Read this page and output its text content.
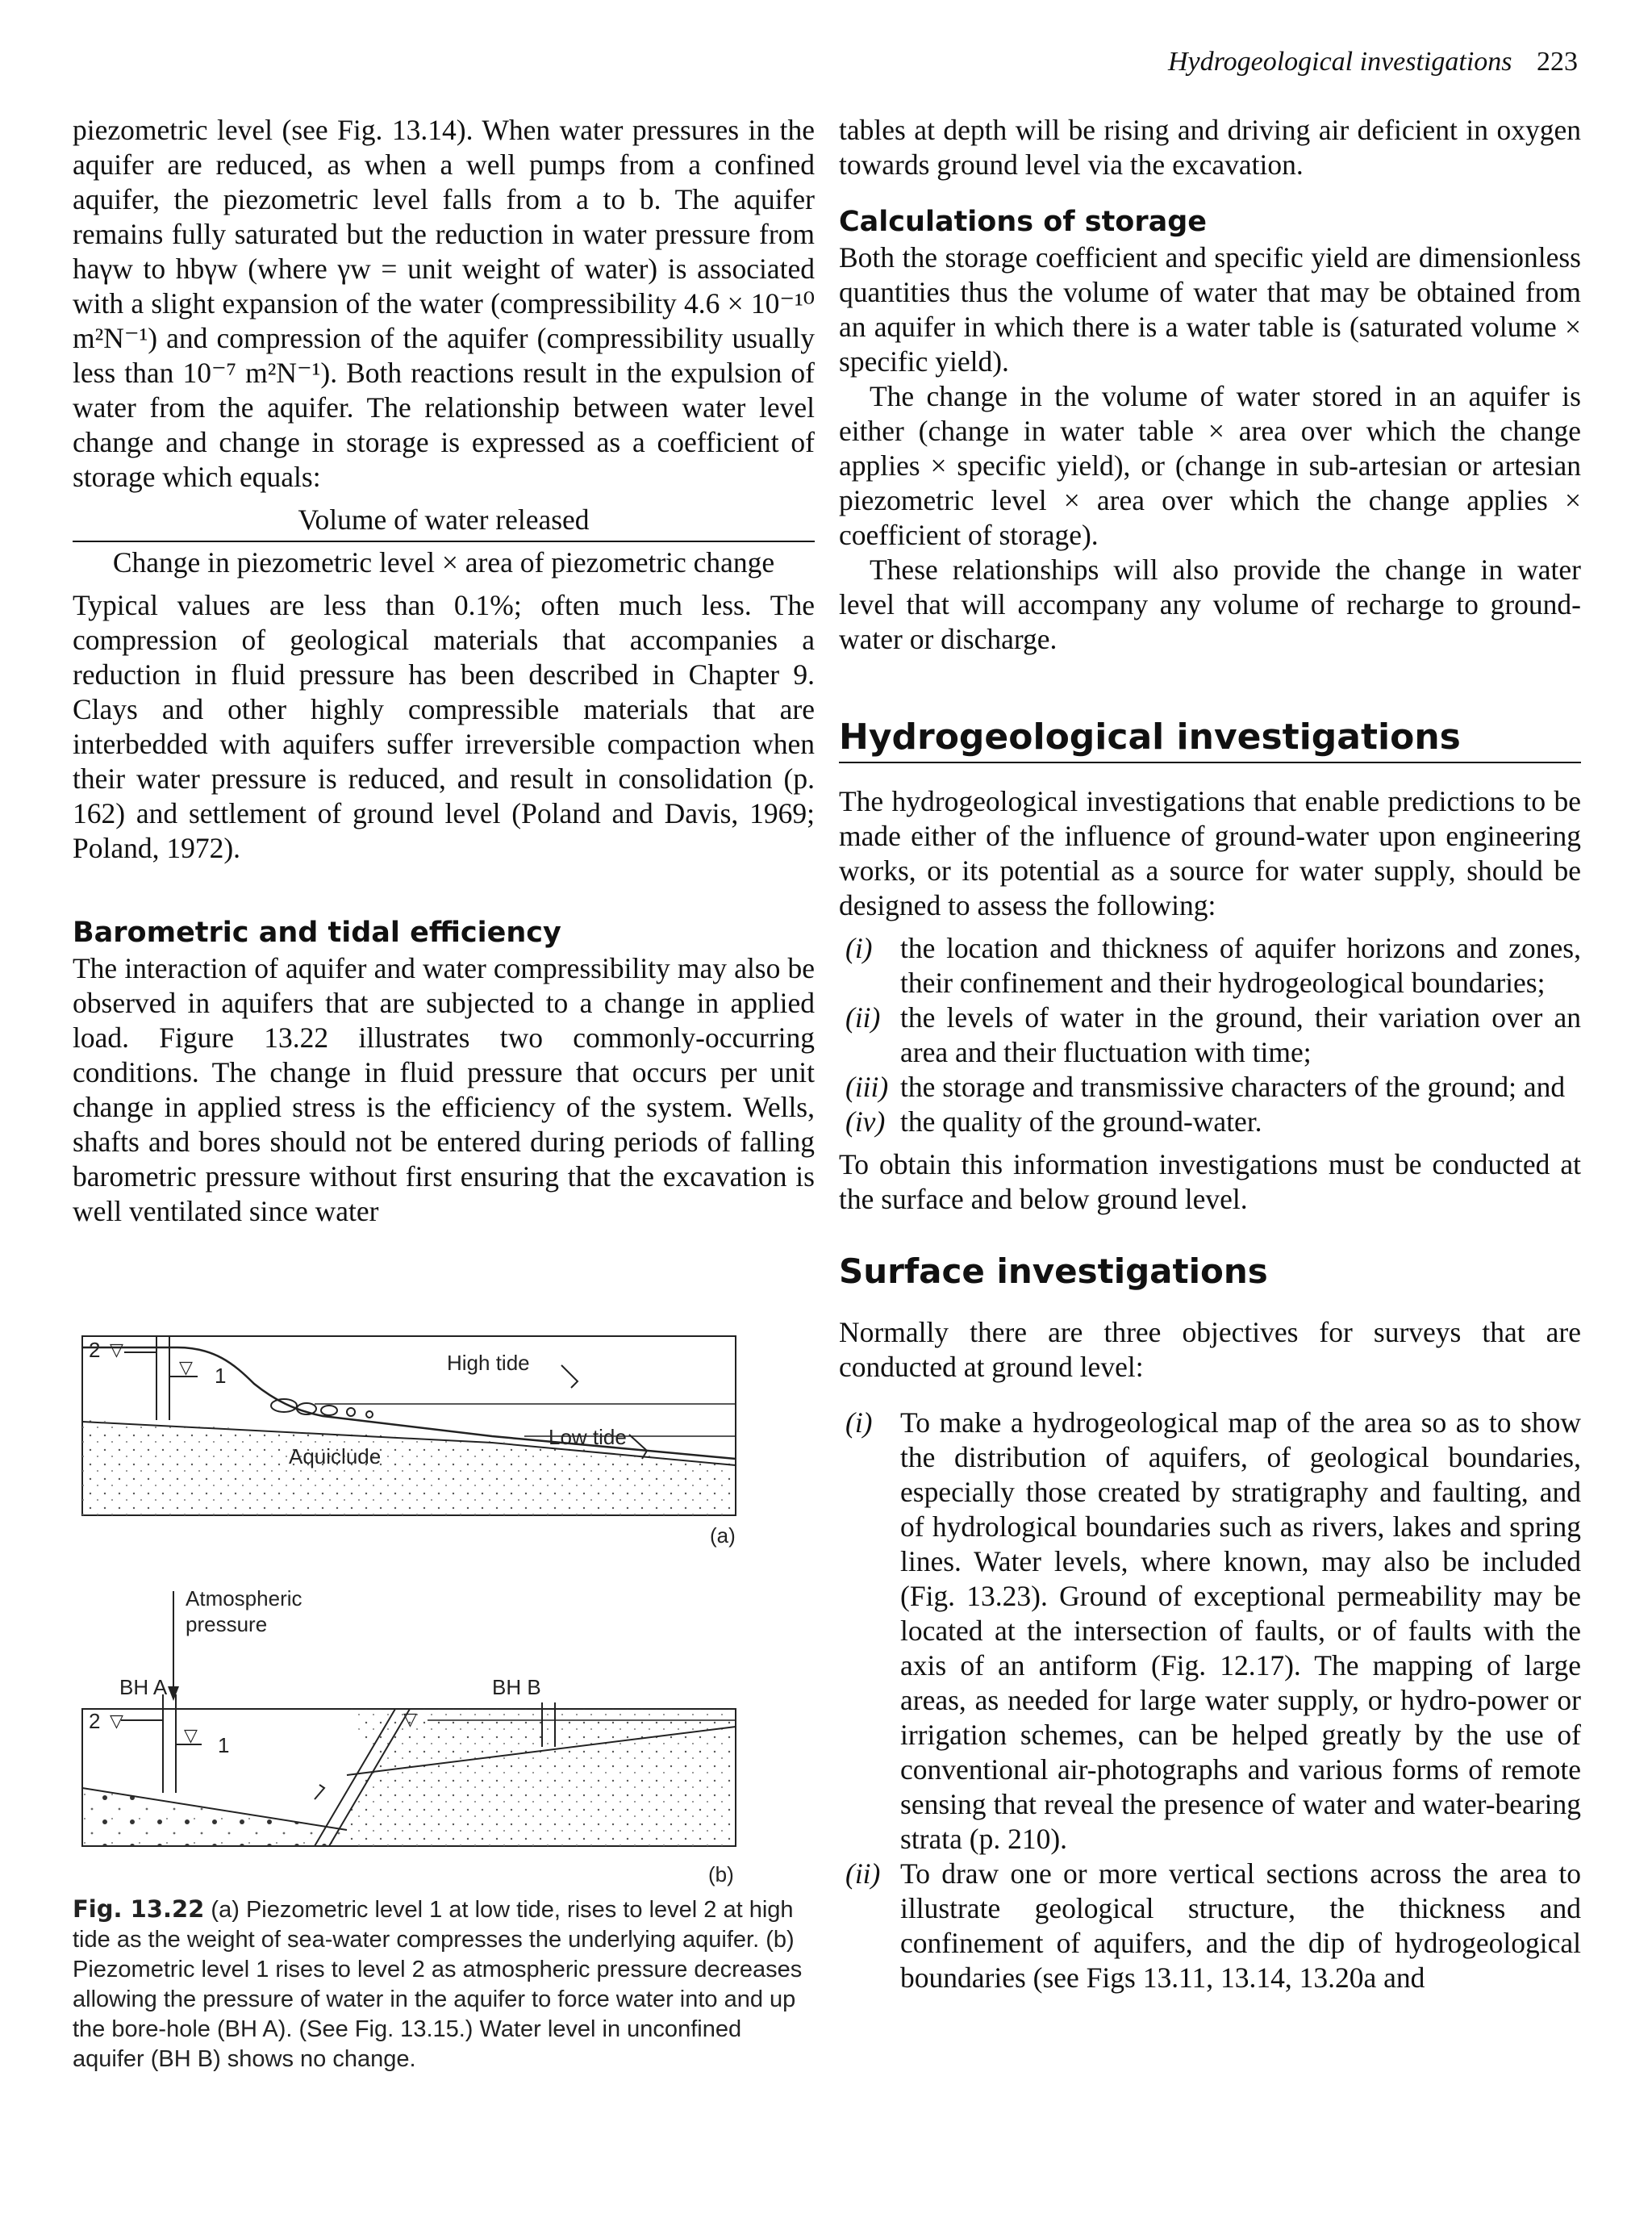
Hydrogeological investigations 223

piezometric level (see Fig. 13.14). When water pressures in the aquifer are reduced, as when a well pumps from a confined aquifer, the piezometric level falls from a to b. The aquifer remains fully saturated but the reduction in water pressure from haγw to hbγw (where γw = unit weight of water) is associated with a slight expansion of the water (compressibility 4.6 × 10⁻¹⁰ m²N⁻¹) and compression of the aquifer (compressibility usually less than 10⁻⁷ m²N⁻¹). Both reactions result in the expulsion of water from the aquifer. The relationship between water level change and change in storage is expressed as a coefficient of storage which equals:

Volume of water released
Change in piezometric level × area of piezometric change

Typical values are less than 0.1%; often much less. The compression of geological materials that accompanies a reduction in fluid pressure has been described in Chapter 9. Clays and other highly compressible materials that are interbedded with aquifers suffer irreversible compaction when their water pressure is reduced, and result in consolidation (p. 162) and settlement of ground level (Poland and Davis, 1969; Poland, 1972).

Barometric and tidal efficiency

The interaction of aquifer and water compressibility may also be observed in aquifers that are subjected to a change in applied load. Figure 13.22 illustrates two commonly-occurring conditions. The change in fluid pressure that occurs per unit change in applied stress is the efficiency of the system. Wells, shafts and bores should not be entered during periods of falling barometric pressure without first ensuring that the excavation is well ventilated since water

2 ▽
▽ 1
High tide
Low tide
Aquiclude
(a)
Atmospheric
pressure
BH A	BH B
2 ▽
▽ 1
▽
(b)
Fig. 13.22 (a) Piezometric level 1 at low tide, rises to level 2 at high tide as the weight of sea-water compresses the underlying aquifer. (b) Piezometric level 1 rises to level 2 as atmospheric pressure decreases allowing the pressure of water in the aquifer to force water into and up the bore-hole (BH A). (See Fig. 13.15.) Water level in unconfined aquifer (BH B) shows no change.

tables at depth will be rising and driving air deficient in oxygen towards ground level via the excavation.

Calculations of storage

Both the storage coefficient and specific yield are dimensionless quantities thus the volume of water that may be obtained from an aquifer in which there is a water table is (saturated volume × specific yield).

The change in the volume of water stored in an aquifer is either (change in water table × area over which the change applies × specific yield), or (change in sub-artesian or artesian piezometric level × area over which the change applies × coefficient of storage).

These relationships will also provide the change in water level that will accompany any volume of recharge to ground-water or discharge.

Hydrogeological investigations

The hydrogeological investigations that enable predictions to be made either of the influence of ground-water upon engineering works, or its potential as a source for water supply, should be designed to assess the following:

(i) the location and thickness of aquifer horizons and zones, their confinement and their hydrogeological boundaries;
(ii) the levels of water in the ground, their variation over an area and their fluctuation with time;
(iii) the storage and transmissive characters of the ground; and
(iv) the quality of the ground-water.

To obtain this information investigations must be conducted at the surface and below ground level.

Surface investigations

Normally there are three objectives for surveys that are conducted at ground level:

(i) To make a hydrogeological map of the area so as to show the distribution of aquifers, of geological boundaries, especially those created by stratigraphy and faulting, and of hydrological boundaries such as rivers, lakes and spring lines. Water levels, where known, may also be included (Fig. 13.23). Ground of exceptional permeability may be located at the intersection of faults, or of faults with the axis of an antiform (Fig. 12.17). The mapping of large areas, as needed for large water supply, or hydro-power or irrigation schemes, can be helped greatly by the use of conventional air-photographs and various forms of remote sensing that reveal the presence of water and water-bearing strata (p. 210).
(ii) To draw one or more vertical sections across the area to illustrate geological structure, the thickness and confinement of aquifers, and the dip of hydrogeological boundaries (see Figs 13.11, 13.14, 13.20a and
